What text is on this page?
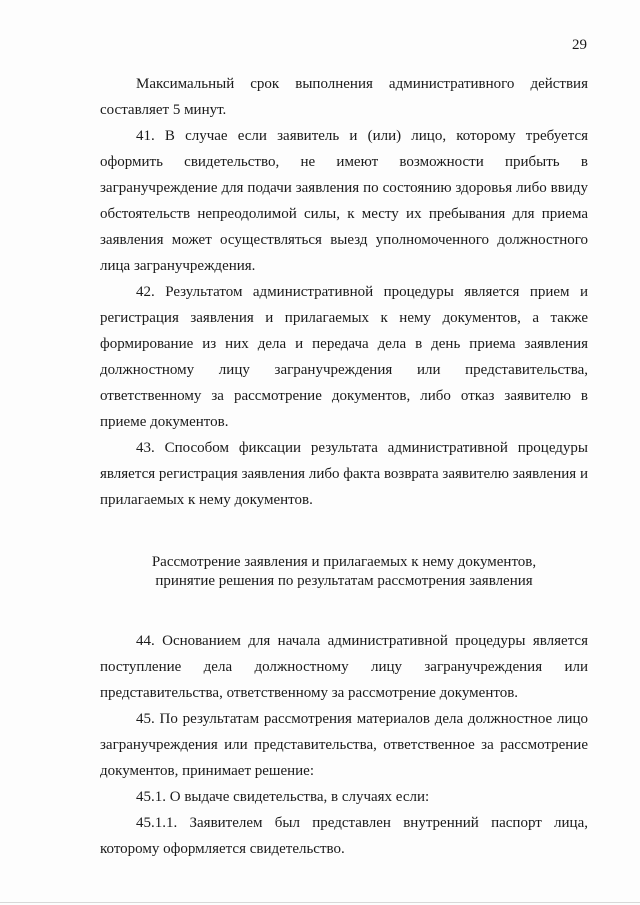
29

Максимальный срок выполнения административного действия составляет 5 минут.

41. В случае если заявитель и (или) лицо, которому требуется оформить свидетельство, не имеют возможности прибыть в загранучреждение для подачи заявления по состоянию здоровья либо ввиду обстоятельств непреодолимой силы, к месту их пребывания для приема заявления может осуществляться выезд уполномоченного должностного лица загранучреждения.

42. Результатом административной процедуры является прием и регистрация заявления и прилагаемых к нему документов, а также формирование из них дела и передача дела в день приема заявления должностному лицу загранучреждения или представительства, ответственному за рассмотрение документов, либо отказ заявителю в приеме документов.

43. Способом фиксации результата административной процедуры является регистрация заявления либо факта возврата заявителю заявления и прилагаемых к нему документов.

Рассмотрение заявления и прилагаемых к нему документов,
принятие решения по результатам рассмотрения заявления

44. Основанием для начала административной процедуры является поступление дела должностному лицу загранучреждения или представительства, ответственному за рассмотрение документов.

45. По результатам рассмотрения материалов дела должностное лицо загранучреждения или представительства, ответственное за рассмотрение документов, принимает решение:

45.1. О выдаче свидетельства, в случаях если:

45.1.1. Заявителем был представлен внутренний паспорт лица, которому оформляется свидетельство.
